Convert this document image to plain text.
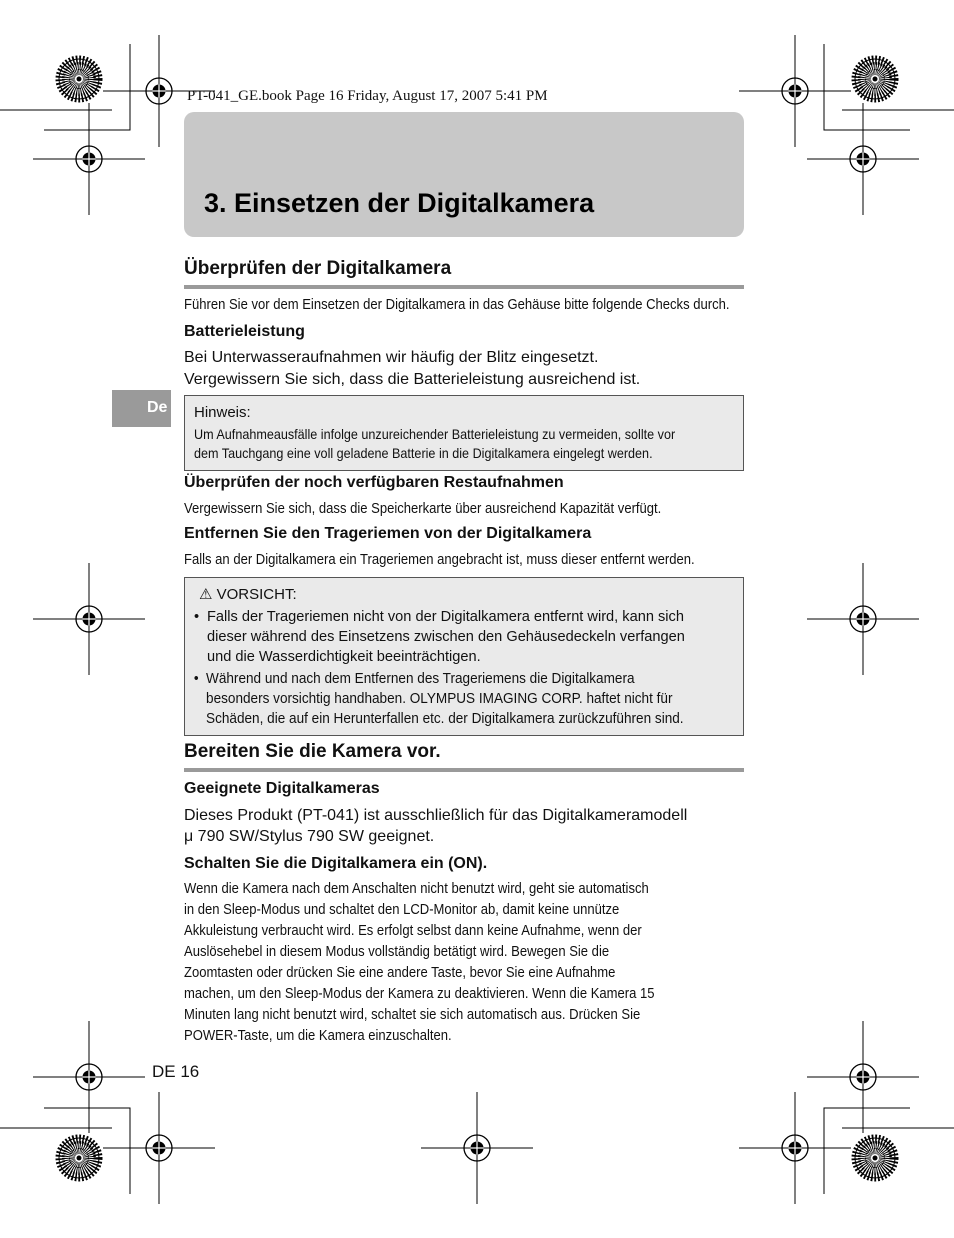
PT-041_GE.book Page 16 Friday, August 17, 2007 5:41 PM
3. Einsetzen der Digitalkamera
De
Überprüfen der Digitalkamera
Führen Sie vor dem Einsetzen der Digitalkamera in das Gehäuse bitte folgende Checks durch.
Batterieleistung
Bei Unterwasseraufnahmen wir häufig der Blitz eingesetzt.
Vergewissern Sie sich, dass die Batterieleistung ausreichend ist.
Hinweis:
Um Aufnahmeausfälle infolge unzureichender Batterieleistung zu vermeiden, sollte vor
dem Tauchgang eine voll geladene Batterie in die Digitalkamera eingelegt werden.
Überprüfen der noch verfügbaren Restaufnahmen
Vergewissern Sie sich, dass die Speicherkarte über ausreichend Kapazität verfügt.
Entfernen Sie den Trageriemen von der Digitalkamera
Falls an der Digitalkamera ein Trageriemen angebracht ist, muss dieser entfernt werden.
⚠ VORSICHT:
• Falls der Trageriemen nicht von der Digitalkamera entfernt wird, kann sich
dieser während des Einsetzens zwischen den Gehäusedeckeln verfangen
und die Wasserdichtigkeit beeinträchtigen.
• Während und nach dem Entfernen des Trageriemens die Digitalkamera
besonders vorsichtig handhaben. OLYMPUS IMAGING CORP. haftet nicht für
Schäden, die auf ein Herunterfallen etc. der Digitalkamera zurückzuführen sind.
Bereiten Sie die Kamera vor.
Geeignete Digitalkameras
Dieses Produkt (PT-041) ist ausschließlich für das Digitalkameramodell
μ 790 SW/Stylus 790 SW geeignet.
Schalten Sie die Digitalkamera ein (ON).
Wenn die Kamera nach dem Anschalten nicht benutzt wird, geht sie automatisch
in den Sleep-Modus und schaltet den LCD-Monitor ab, damit keine unnütze
Akkuleistung verbraucht wird. Es erfolgt selbst dann keine Aufnahme, wenn der
Auslösehebel in diesem Modus vollständig betätigt wird. Bewegen Sie die
Zoomtasten oder drücken Sie eine andere Taste, bevor Sie eine Aufnahme
machen, um den Sleep-Modus der Kamera zu deaktivieren. Wenn die Kamera 15
Minuten lang nicht benutzt wird, schaltet sie sich automatisch aus. Drücken Sie
POWER-Taste, um die Kamera einzuschalten.
DE 16
